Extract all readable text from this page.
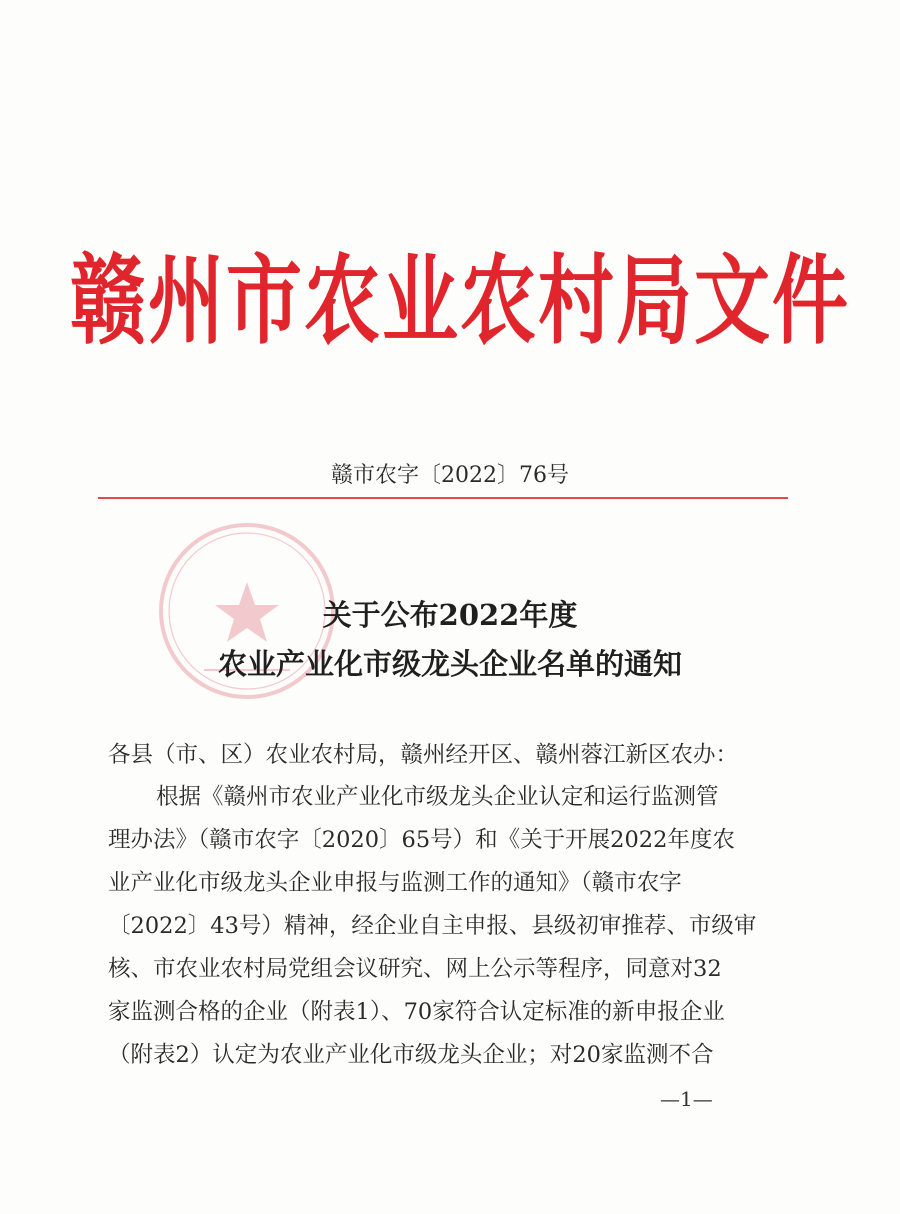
赣州市农业农村局文件
赣市农字〔2022〕76号
关于公布2022年度
农业产业化市级龙头企业名单的通知
各县（市、区）农业农村局，赣州经开区、赣州蓉江新区农办：
根据《赣州市农业产业化市级龙头企业认定和运行监测管
理办法》（赣市农字〔2020〕65号）和《关于开展2022年度农
业产业化市级龙头企业申报与监测工作的通知》（赣市农字
〔2022〕43号）精神，经企业自主申报、县级初审推荐、市级审
核、市农业农村局党组会议研究、网上公示等程序，同意对32
家监测合格的企业（附表1）、70家符合认定标准的新申报企业
（附表2）认定为农业产业化市级龙头企业；对20家监测不合
—1—
